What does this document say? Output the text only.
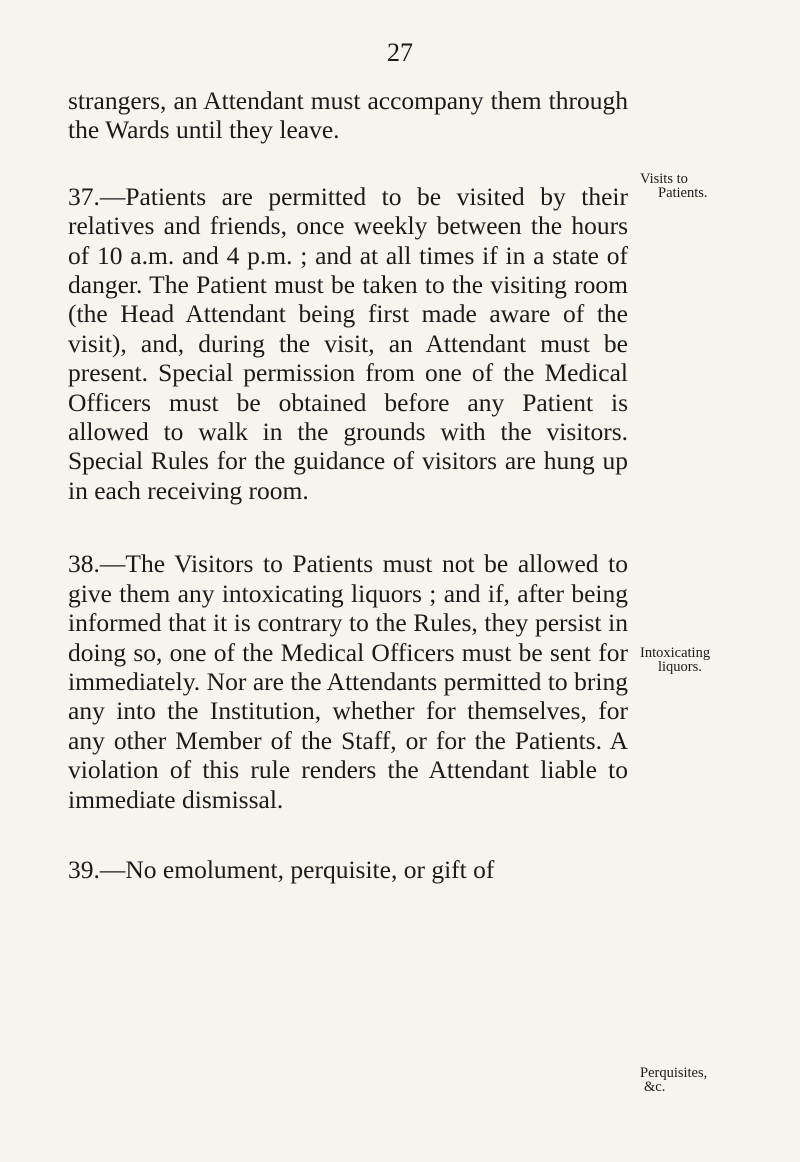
27

strangers, an Attendant must accompany them through the Wards until they leave.

37.—Patients are permitted to be visited by their relatives and friends, once weekly between the hours of 10 a.m. and 4 p.m. ; and at all times if in a state of danger. The Patient must be taken to the visiting room (the Head Attendant being first made aware of the visit), and, during the visit, an Attendant must be present. Special permission from one of the Medical Officers must be obtained before any Patient is allowed to walk in the grounds with the visitors. Special Rules for the guidance of visitors are hung up in each receiving room.

38.—The Visitors to Patients must not be allowed to give them any intoxicating liquors ; and if, after being informed that it is contrary to the Rules, they persist in doing so, one of the Medical Officers must be sent for immediately. Nor are the Attendants permitted to bring any into the Institution, whether for themselves, for any other Member of the Staff, or for the Patients. A violation of this rule renders the Attendant liable to immediate dismissal.

39.—No emolument, perquisite, or gift of

Visits to
Patients.
Intoxicating
liquors.
Perquisites,
&c.
